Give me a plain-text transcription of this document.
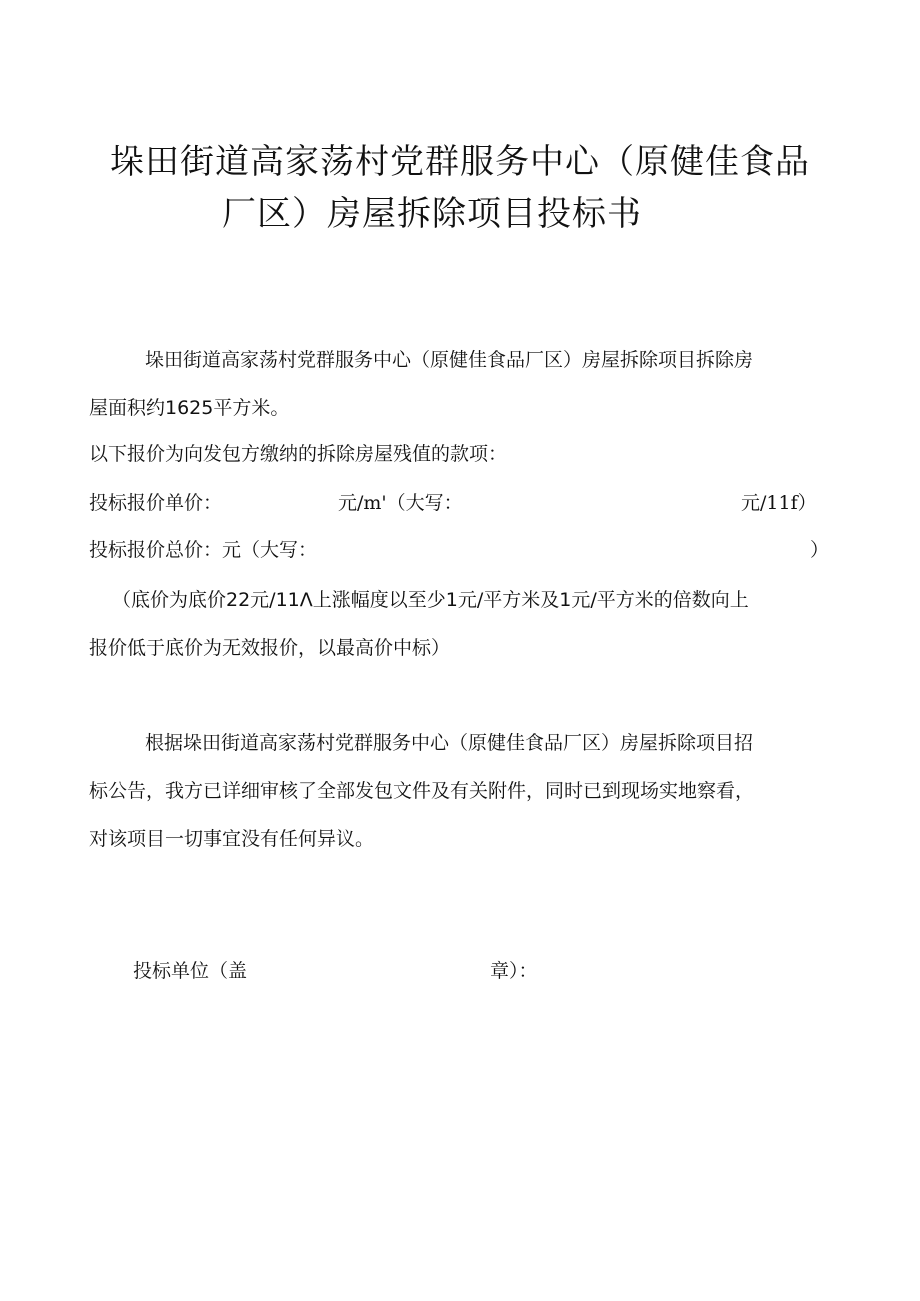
垛田街道高家荡村党群服务中心（原健佳食品
厂区）房屋拆除项目投标书
垛田街道高家荡村党群服务中心（原健佳食品厂区）房屋拆除项目拆除房
屋面积约1625平方米。
以下报价为向发包方缴纳的拆除房屋残值的款项：
投标报价单价：	元/m'（大写：	元/11f）
投标报价总价：元（大写：	）
（底价为底价22元/11Λ上涨幅度以至少1元/平方米及1元/平方米的倍数向上
报价低于底价为无效报价，以最高价中标）
根据垛田街道高家荡村党群服务中心（原健佳食品厂区）房屋拆除项目招
标公告，我方已详细审核了全部发包文件及有关附件，同时已到现场实地察看，
对该项目一切事宜没有任何异议。
投标单位（盖	章）：
